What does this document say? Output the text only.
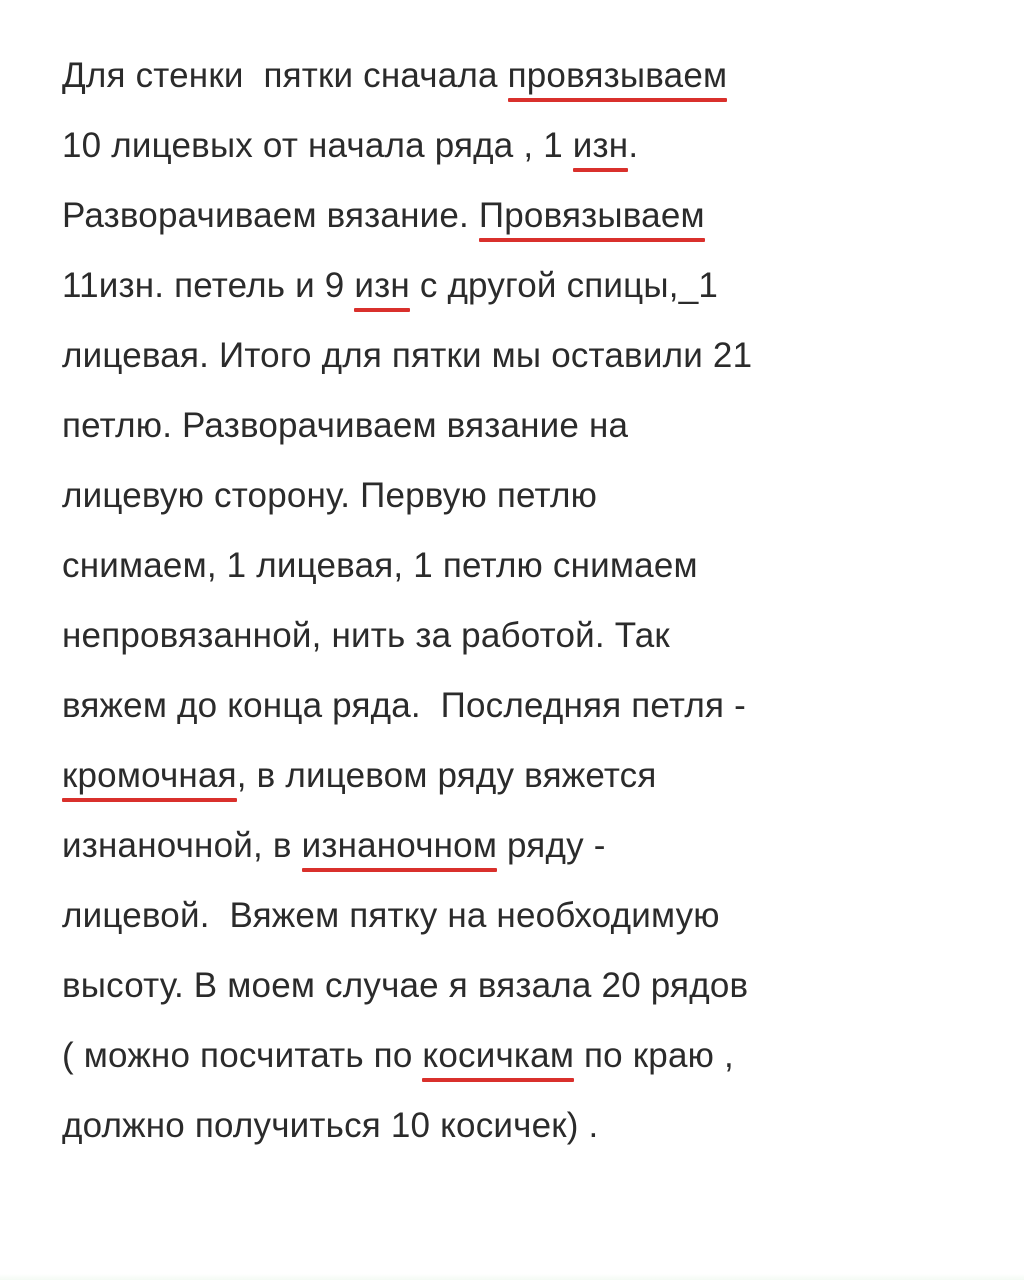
Для стенки  пятки сначала провязываем
10 лицевых от начала ряда , 1 изн.
Разворачиваем вязание. Провязываем
11изн. петель и 9 изн с другой спицы,_1
лицевая. Итого для пятки мы оставили 21
петлю. Разворачиваем вязание на
лицевую сторону. Первую петлю
снимаем, 1 лицевая, 1 петлю снимаем
непровязанной, нить за работой. Так
вяжем до конца ряда.  Последняя петля -
кромочная, в лицевом ряду вяжется
изнаночной, в изнаночном ряду -
лицевой.  Вяжем пятку на необходимую
высоту. В моем случае я вязала 20 рядов
( можно посчитать по косичкам по краю ,
должно получиться 10 косичек) .
